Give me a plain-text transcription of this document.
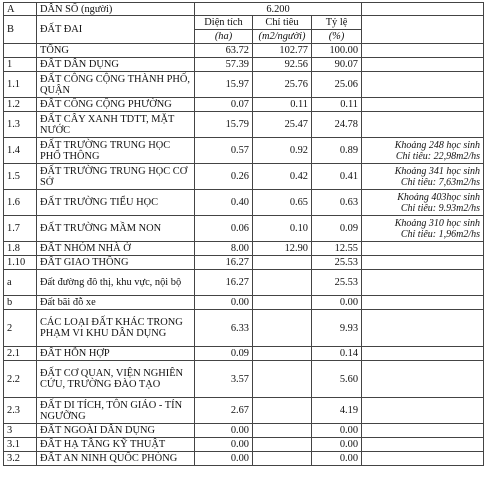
A	DÂN SỐ (người)	6.200			
B	ĐẤT ĐAI	Diện tích	Chỉ tiêu	Tỷ lệ	
		(ha)	(m2/người)	(%)	
	TỔNG	63.72	102.77	100.00	
1	ĐẤT DÂN DỤNG	57.39	92.56	90.07	
1.1	ĐẤT CÔNG CỘNG THÀNH PHỐ, QUẬN	15.97	25.76	25.06	
1.2	ĐẤT CÔNG CỘNG PHƯỜNG	0.07	0.11	0.11	
1.3	ĐẤT CÂY XANH TDTT, MẶT NƯỚC	15.79	25.47	24.78	
1.4	ĐẤT TRƯỜNG TRUNG HỌC PHỔ THÔNG	0.57	0.92	0.89	Khoảng 248 học sinh
Chỉ tiêu: 22,98m2/hs
1.5	ĐẤT TRƯỜNG TRUNG HỌC CƠ SỞ	0.26	0.42	0.41	Khoảng 341 học sinh
Chỉ tiêu: 7,63m2/hs
1.6	ĐẤT TRƯỜNG TIỂU HỌC	0.40	0.65	0.63	Khoảng 403học sinh
Chỉ tiêu: 9.93m2/hs
1.7	ĐẤT TRƯỜNG MẦM NON	0.06	0.10	0.09	Khoảng 310 học sinh
Chỉ tiêu: 1,96m2/hs
1.8	ĐẤT NHÓM NHÀ Ở	8.00	12.90	12.55	
1.10	ĐẤT GIAO THÔNG	16.27		25.53	
a	Đất đường đô thị, khu vực, nội bộ	16.27		25.53	
b	Đất bãi đỗ xe	0.00		0.00	
2	CÁC LOẠI ĐẤT KHÁC TRONG PHẠM VI KHU DÂN DỤNG	6.33		9.93	
2.1	ĐẤT HỖN HỢP	0.09		0.14	
2.2	ĐẤT CƠ QUAN, VIỆN NGHIÊN CỨU, TRƯỜNG ĐÀO TẠO	3.57		5.60	
2.3	ĐẤT DI TÍCH, TÔN GIÁO - TÍN NGƯỠNG	2.67		4.19	
3	ĐẤT NGOÀI DÂN DỤNG	0.00		0.00	
3.1	ĐẤT HẠ TẦNG KỸ THUẬT	0.00		0.00	
3.2	ĐẤT AN NINH QUỐC PHÒNG	0.00		0.00	
